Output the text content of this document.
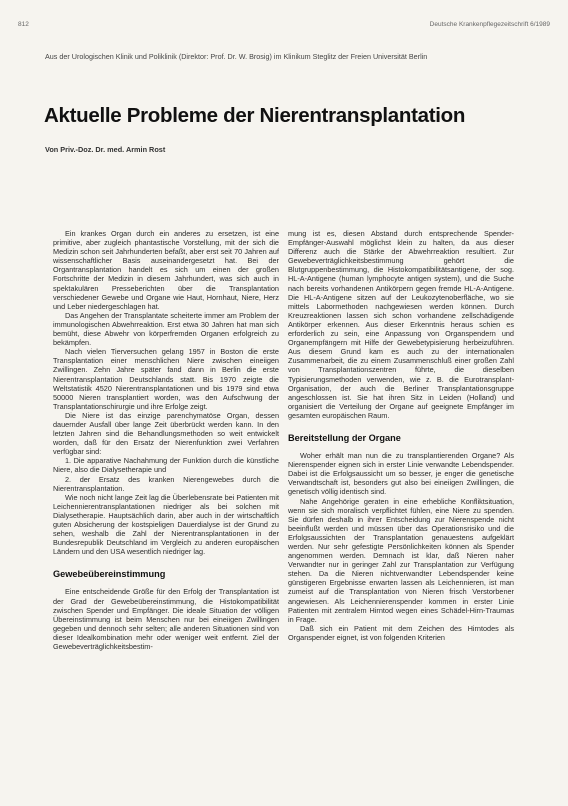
812	Deutsche Krankenpflegezeitschrift 6/1989
Aus der Urologischen Klinik und Poliklinik (Direktor: Prof. Dr. W. Brosig) im Klinikum Steglitz der Freien Universität Berlin
Aktuelle Probleme der Nierentransplantation
Von Priv.-Doz. Dr. med. Armin Rost

Ein krankes Organ durch ein anderes zu ersetzen, ist eine primitive, aber zugleich phantastische Vorstellung, mit der sich die Medizin schon seit Jahrhunderten befaßt, aber erst seit 70 Jahren auf wissenschaftlicher Basis auseinandergesetzt hat. Bei der Organtransplantation handelt es sich um einen der großen Fortschritte der Medizin in diesem Jahrhundert, was sich auch in spektakulären Presseberichten über die Transplantation verschiedener Gewebe und Organe wie Haut, Hornhaut, Niere, Herz und Leber niedergeschlagen hat.

Das Angehen der Transplantate scheiterte immer am Problem der immunologischen Abwehrreaktion. Erst etwa 30 Jahren hat man sich bemüht, diese Abwehr von körperfremden Organen erfolgreich zu bekämpfen.

Nach vielen Tierversuchen gelang 1957 in Boston die erste Transplantation einer menschlichen Niere zwischen eineiigen Zwillingen. Zehn Jahre später fand dann in Berlin die erste Nierentransplantation Deutschlands statt. Bis 1970 zeigte die Weltstatistik 4520 Nierentransplantationen und bis 1979 sind etwa 50000 Nieren transplantiert worden, was den Aufschwung der Transplantationschirurgie und ihre Erfolge zeigt.

Die Niere ist das einzige parenchymatöse Organ, dessen dauernder Ausfall über lange Zeit überbrückt werden kann. In den letzten Jahren sind die Behandlungsmethoden so weit entwickelt worden, daß für den Ersatz der Nierenfunktion zwei Verfahren verfügbar sind:

1. Die apparative Nachahmung der Funktion durch die künstliche Niere, also die Dialysetherapie und

2. der Ersatz des kranken Nierengewebes durch die Nierentransplantation.

Wie noch nicht lange Zeit lag die Überlebensrate bei Patienten mit Leichennierentransplantationen niedriger als bei solchen mit Dialysetherapie. Hauptsächlich darin, aber auch in der wirtschaftlich guten Absicherung der kostspieligen Dauerdialyse ist der Grund zu sehen, weshalb die Zahl der Nierentransplantationen in der Bundesrepublik Deutschland im Vergleich zu anderen europäischen Ländern und den USA wesentlich niedriger lag.

Gewebeübereinstimmung

Eine entscheidende Größe für den Erfolg der Transplantation ist der Grad der Gewebeübereinstimmung, die Histokompatibilität zwischen Spender und Empfänger. Die ideale Situation der völligen Übereinstimmung ist beim Menschen nur bei eineiigen Zwillingen gegeben und dennoch sehr selten; alle anderen Situationen sind von dieser Idealkombination mehr oder weniger weit entfernt. Ziel der Gewebeverträglichkeitsbestim-

mung ist es, diesen Abstand durch entsprechende Spender-Empfänger-Auswahl möglichst klein zu halten, da aus dieser Differenz auch die Stärke der Abwehrreaktion resultiert. Zur Gewebeverträglichkeitsbestimmung gehört die Blutgruppenbestimmung, die Histokompatibilitätsantigene, der sog. HL-A-Antigene (human lymphocyte antigen system), und die Suche nach bereits vorhandenen Antikörpern gegen fremde HL-A-Antigene. Die HL-A-Antigene sitzen auf der Leukozytenoberfläche, wo sie mittels Labormethoden nachgewiesen werden können. Durch Kreuzreaktionen lassen sich schon vorhandene zellschädigende Antikörper erkennen. Aus dieser Erkenntnis heraus schien es erforderlich zu sein, eine Anpassung von Organspendern und Organempfängern mit Hilfe der Gewebetypisierung herbeizuführen. Aus diesem Grund kam es auch zu der internationalen Zusammenarbeit, die zu einem Zusammenschluß einer großen Zahl von Transplantationszentren führte, die dieselben Typisierungsmethoden verwenden, wie z. B. die Eurotransplant-Organisation, der auch die Berliner Transplantationsgruppe angeschlossen ist. Sie hat ihren Sitz in Leiden (Holland) und organisiert die Verteilung der Organe auf geeignete Empfänger im gesamten europäischen Raum.

Bereitstellung der Organe

Woher erhält man nun die zu transplantierenden Organe? Als Nierenspender eignen sich in erster Linie verwandte Lebendspender. Dabei ist die Erfolgsaussicht um so besser, je enger die genetische Verwandtschaft ist, besonders gut also bei eineiigen Zwillingen, die genetisch völlig identisch sind.

Nahe Angehörige geraten in eine erhebliche Konfliktsituation, wenn sie sich moralisch verpflichtet fühlen, eine Niere zu spenden. Sie dürfen deshalb in ihrer Entscheidung zur Nierenspende nicht beeinflußt werden und müssen über das Operationsrisiko und die Erfolgsaussichten der Transplantation genauestens aufgeklärt werden. Nur sehr gefestigte Persönlichkeiten können als Spender angenommen werden. Demnach ist klar, daß Nieren naher Verwandter nur in geringer Zahl zur Transplantation zur Verfügung stehen. Da die Nieren nichtverwandter Lebendspender keine günstigeren Ergebnisse erwarten lassen als Leichennieren, ist man zumeist auf die Transplantation von Nieren frisch Verstorbener angewiesen. Als Leichennierenspender kommen in erster Linie Patienten mit zentralem Hirntod wegen eines Schädel-Hirn-Traumas in Frage.

Daß sich ein Patient mit dem Zeichen des Hirntodes als Organspender eignet, ist von folgenden Kriterien
